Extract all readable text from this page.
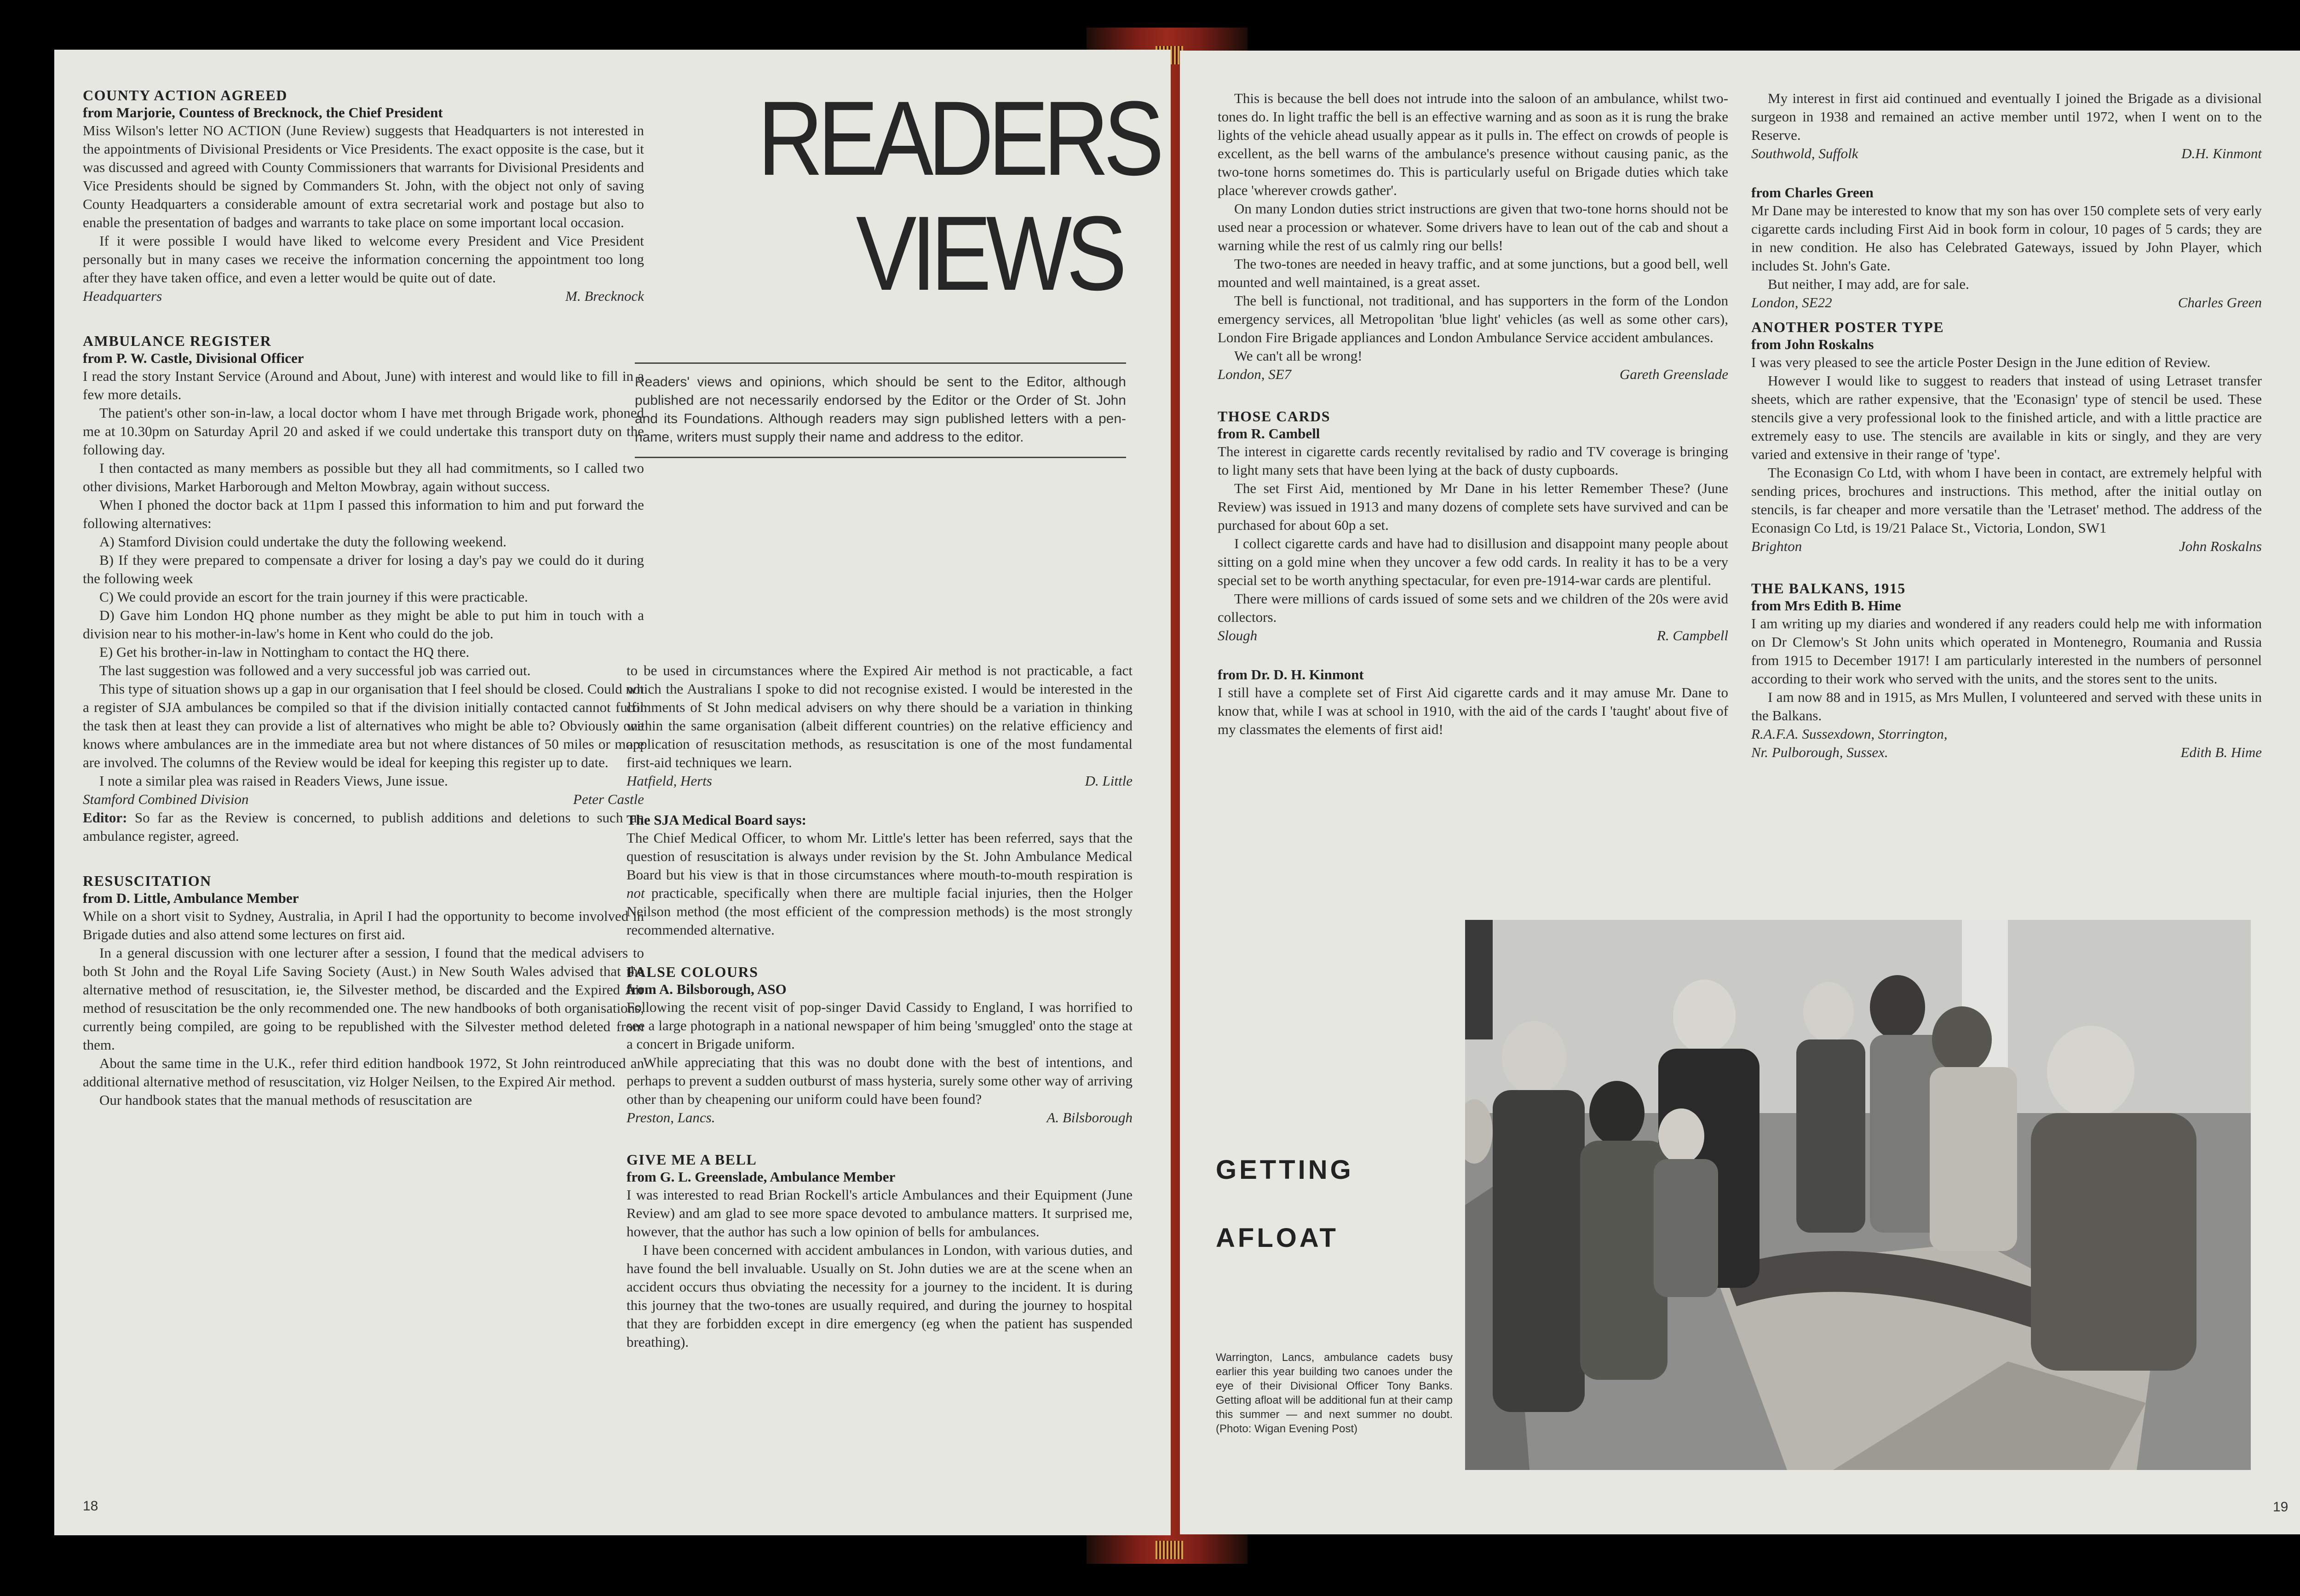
READERS
VIEWS
Readers' views and opinions, which should be sent to the Editor, although published are not necessarily endorsed by the Editor or the Order of St. John and its Foundations. Although readers may sign published letters with a pen-name, writers must supply their name and address to the editor.
COUNTY ACTION AGREED
from Marjorie, Countess of Brecknock, the Chief President

Miss Wilson's letter NO ACTION (June Review) suggests that Headquarters is not interested in the appointments of Divisional Presidents or Vice Presidents. The exact opposite is the case, but it was discussed and agreed with County Commissioners that warrants for Divisional Presidents and Vice Presidents should be signed by Commanders St. John, with the object not only of saving County Headquarters a considerable amount of extra secretarial work and postage but also to enable the presentation of badges and warrants to take place on some important local occasion.

If it were possible I would have liked to welcome every President and Vice President personally but in many cases we receive the information concerning the appointment too long after they have taken office, and even a letter would be quite out of date.

Headquarters	M. Brecknock
AMBULANCE REGISTER
from P. W. Castle, Divisional Officer

I read the story Instant Service (Around and About, June) with interest and would like to fill in a few more details.

The patient's other son-in-law, a local doctor whom I have met through Brigade work, phoned me at 10.30pm on Saturday April 20 and asked if we could undertake this transport duty on the following day.

I then contacted as many members as possible but they all had commitments, so I called two other divisions, Market Harborough and Melton Mowbray, again without success.

When I phoned the doctor back at 11pm I passed this information to him and put forward the following alternatives:

A) Stamford Division could undertake the duty the following weekend.

B) If they were prepared to compensate a driver for losing a day's pay we could do it during the following week

C) We could provide an escort for the train journey if this were practicable.

D) Gave him London HQ phone number as they might be able to put him in touch with a division near to his mother-in-law's home in Kent who could do the job.

E) Get his brother-in-law in Nottingham to contact the HQ there.

The last suggestion was followed and a very successful job was carried out.

This type of situation shows up a gap in our organisation that I feel should be closed. Could not a register of SJA ambulances be compiled so that if the division initially contacted cannot fulfil the task then at least they can provide a list of alternatives who might be able to? Obviously one knows where ambulances are in the immediate area but not where distances of 50 miles or more are involved. The columns of the Review would be ideal for keeping this register up to date.

I note a similar plea was raised in Readers Views, June issue.

Stamford Combined Division	Peter Castle

Editor: So far as the Review is concerned, to publish additions and deletions to such an ambulance register, agreed.

RESUSCITATION
from D. Little, Ambulance Member

While on a short visit to Sydney, Australia, in April I had the opportunity to become involved in Brigade duties and also attend some lectures on first aid.

In a general discussion with one lecturer after a session, I found that the medical advisers to both St John and the Royal Life Saving Society (Aust.) in New South Wales advised that the alternative method of resuscitation, ie, the Silvester method, be discarded and the Expired Air method of resuscitation be the only recommended one. The new handbooks of both organisations, currently being compiled, are going to be republished with the Silvester method deleted from them.

About the same time in the U.K., refer third edition handbook 1972, St John reintroduced an additional alternative method of resuscitation, viz Holger Neilsen, to the Expired Air method.

Our handbook states that the manual methods of resuscitation are

to be used in circumstances where the Expired Air method is not practicable, a fact which the Australians I spoke to did not recognise existed. I would be interested in the comments of St John medical advisers on why there should be a variation in thinking within the same organisation (albeit different countries) on the relative efficiency and application of resuscitation methods, as resuscitation is one of the most fundamental first-aid techniques we learn.

Hatfield, Herts	D. Little
The SJA Medical Board says:

The Chief Medical Officer, to whom Mr. Little's letter has been referred, says that the question of resuscitation is always under revision by the St. John Ambulance Medical Board but his view is that in those circumstances where mouth-to-mouth respiration is not practicable, specifically when there are multiple facial injuries, then the Holger Neilson method (the most efficient of the compression methods) is the most strongly recommended alternative.

FALSE COLOURS
from A. Bilsborough, ASO

Following the recent visit of pop-singer David Cassidy to England, I was horrified to see a large photograph in a national newspaper of him being 'smuggled' onto the stage at a concert in Brigade uniform.

While appreciating that this was no doubt done with the best of intentions, and perhaps to prevent a sudden outburst of mass hysteria, surely some other way of arriving other than by cheapening our uniform could have been found?

Preston, Lancs.	A. Bilsborough
GIVE ME A BELL
from G. L. Greenslade, Ambulance Member

I was interested to read Brian Rockell's article Ambulances and their Equipment (June Review) and am glad to see more space devoted to ambulance matters. It surprised me, however, that the author has such a low opinion of bells for ambulances.

I have been concerned with accident ambulances in London, with various duties, and have found the bell invaluable. Usually on St. John duties we are at the scene when an accident occurs thus obviating the necessity for a journey to the incident. It is during this journey that the two-tones are usually required, and during the journey to hospital that they are forbidden except in dire emergency (eg when the patient has suspended breathing).

18

This is because the bell does not intrude into the saloon of an ambulance, whilst two-tones do. In light traffic the bell is an effective warning and as soon as it is rung the brake lights of the vehicle ahead usually appear as it pulls in. The effect on crowds of people is excellent, as the bell warns of the ambulance's presence without causing panic, as the two-tone horns sometimes do. This is particularly useful on Brigade duties which take place 'wherever crowds gather'.

On many London duties strict instructions are given that two-tone horns should not be used near a procession or whatever. Some drivers have to lean out of the cab and shout a warning while the rest of us calmly ring our bells!

The two-tones are needed in heavy traffic, and at some junctions, but a good bell, well mounted and well maintained, is a great asset.

The bell is functional, not traditional, and has supporters in the form of the London emergency services, all Metropolitan 'blue light' vehicles (as well as some other cars), London Fire Brigade appliances and London Ambulance Service accident ambulances.

We can't all be wrong!

London, SE7	Gareth Greenslade
THOSE CARDS
from R. Cambell

The interest in cigarette cards recently revitalised by radio and TV coverage is bringing to light many sets that have been lying at the back of dusty cupboards.

The set First Aid, mentioned by Mr Dane in his letter Remember These? (June Review) was issued in 1913 and many dozens of complete sets have survived and can be purchased for about 60p a set.

I collect cigarette cards and have had to disillusion and disappoint many people about sitting on a gold mine when they uncover a few odd cards. In reality it has to be a very special set to be worth anything spectacular, for even pre-1914-war cards are plentiful.

There were millions of cards issued of some sets and we children of the 20s were avid collectors.

Slough	R. Campbell
from Dr. D. H. Kinmont

I still have a complete set of First Aid cigarette cards and it may amuse Mr. Dane to know that, while I was at school in 1910, with the aid of the cards I 'taught' about five of my classmates the elements of first aid!

My interest in first aid continued and eventually I joined the Brigade as a divisional surgeon in 1938 and remained an active member until 1972, when I went on to the Reserve.

Southwold, Suffolk	D.H. Kinmont
from Charles Green

Mr Dane may be interested to know that my son has over 150 complete sets of very early cigarette cards including First Aid in book form in colour, 10 pages of 5 cards; they are in new condition. He also has Celebrated Gateways, issued by John Player, which includes St. John's Gate.

But neither, I may add, are for sale.

London, SE22	Charles Green
ANOTHER POSTER TYPE
from John Roskalns

I was very pleased to see the article Poster Design in the June edition of Review.

However I would like to suggest to readers that instead of using Letraset transfer sheets, which are rather expensive, that the 'Econasign' type of stencil be used. These stencils give a very professional look to the finished article, and with a little practice are extremely easy to use. The stencils are available in kits or singly, and they are very varied and extensive in their range of 'type'.

The Econasign Co Ltd, with whom I have been in contact, are extremely helpful with sending prices, brochures and instructions. This method, after the initial outlay on stencils, is far cheaper and more versatile than the 'Letraset' method. The address of the Econasign Co Ltd, is 19/21 Palace St., Victoria, London, SW1

Brighton	John Roskalns
THE BALKANS, 1915
from Mrs Edith B. Hime

I am writing up my diaries and wondered if any readers could help me with information on Dr Clemow's St John units which operated in Montenegro, Roumania and Russia from 1915 to December 1917! I am particularly interested in the numbers of personnel according to their work who served with the units, and the stores sent to the units.

I am now 88 and in 1915, as Mrs Mullen, I volunteered and served with these units in the Balkans.

R.A.F.A. Sussexdown, Storrington,
Nr. Pulborough, Sussex.	Edith B. Hime
GETTING
AFLOAT
Warrington, Lancs, ambulance cadets busy earlier this year building two canoes under the eye of their Divisional Officer Tony Banks. Getting afloat will be additional fun at their camp this summer — and next summer no doubt. (Photo: Wigan Evening Post)
19
